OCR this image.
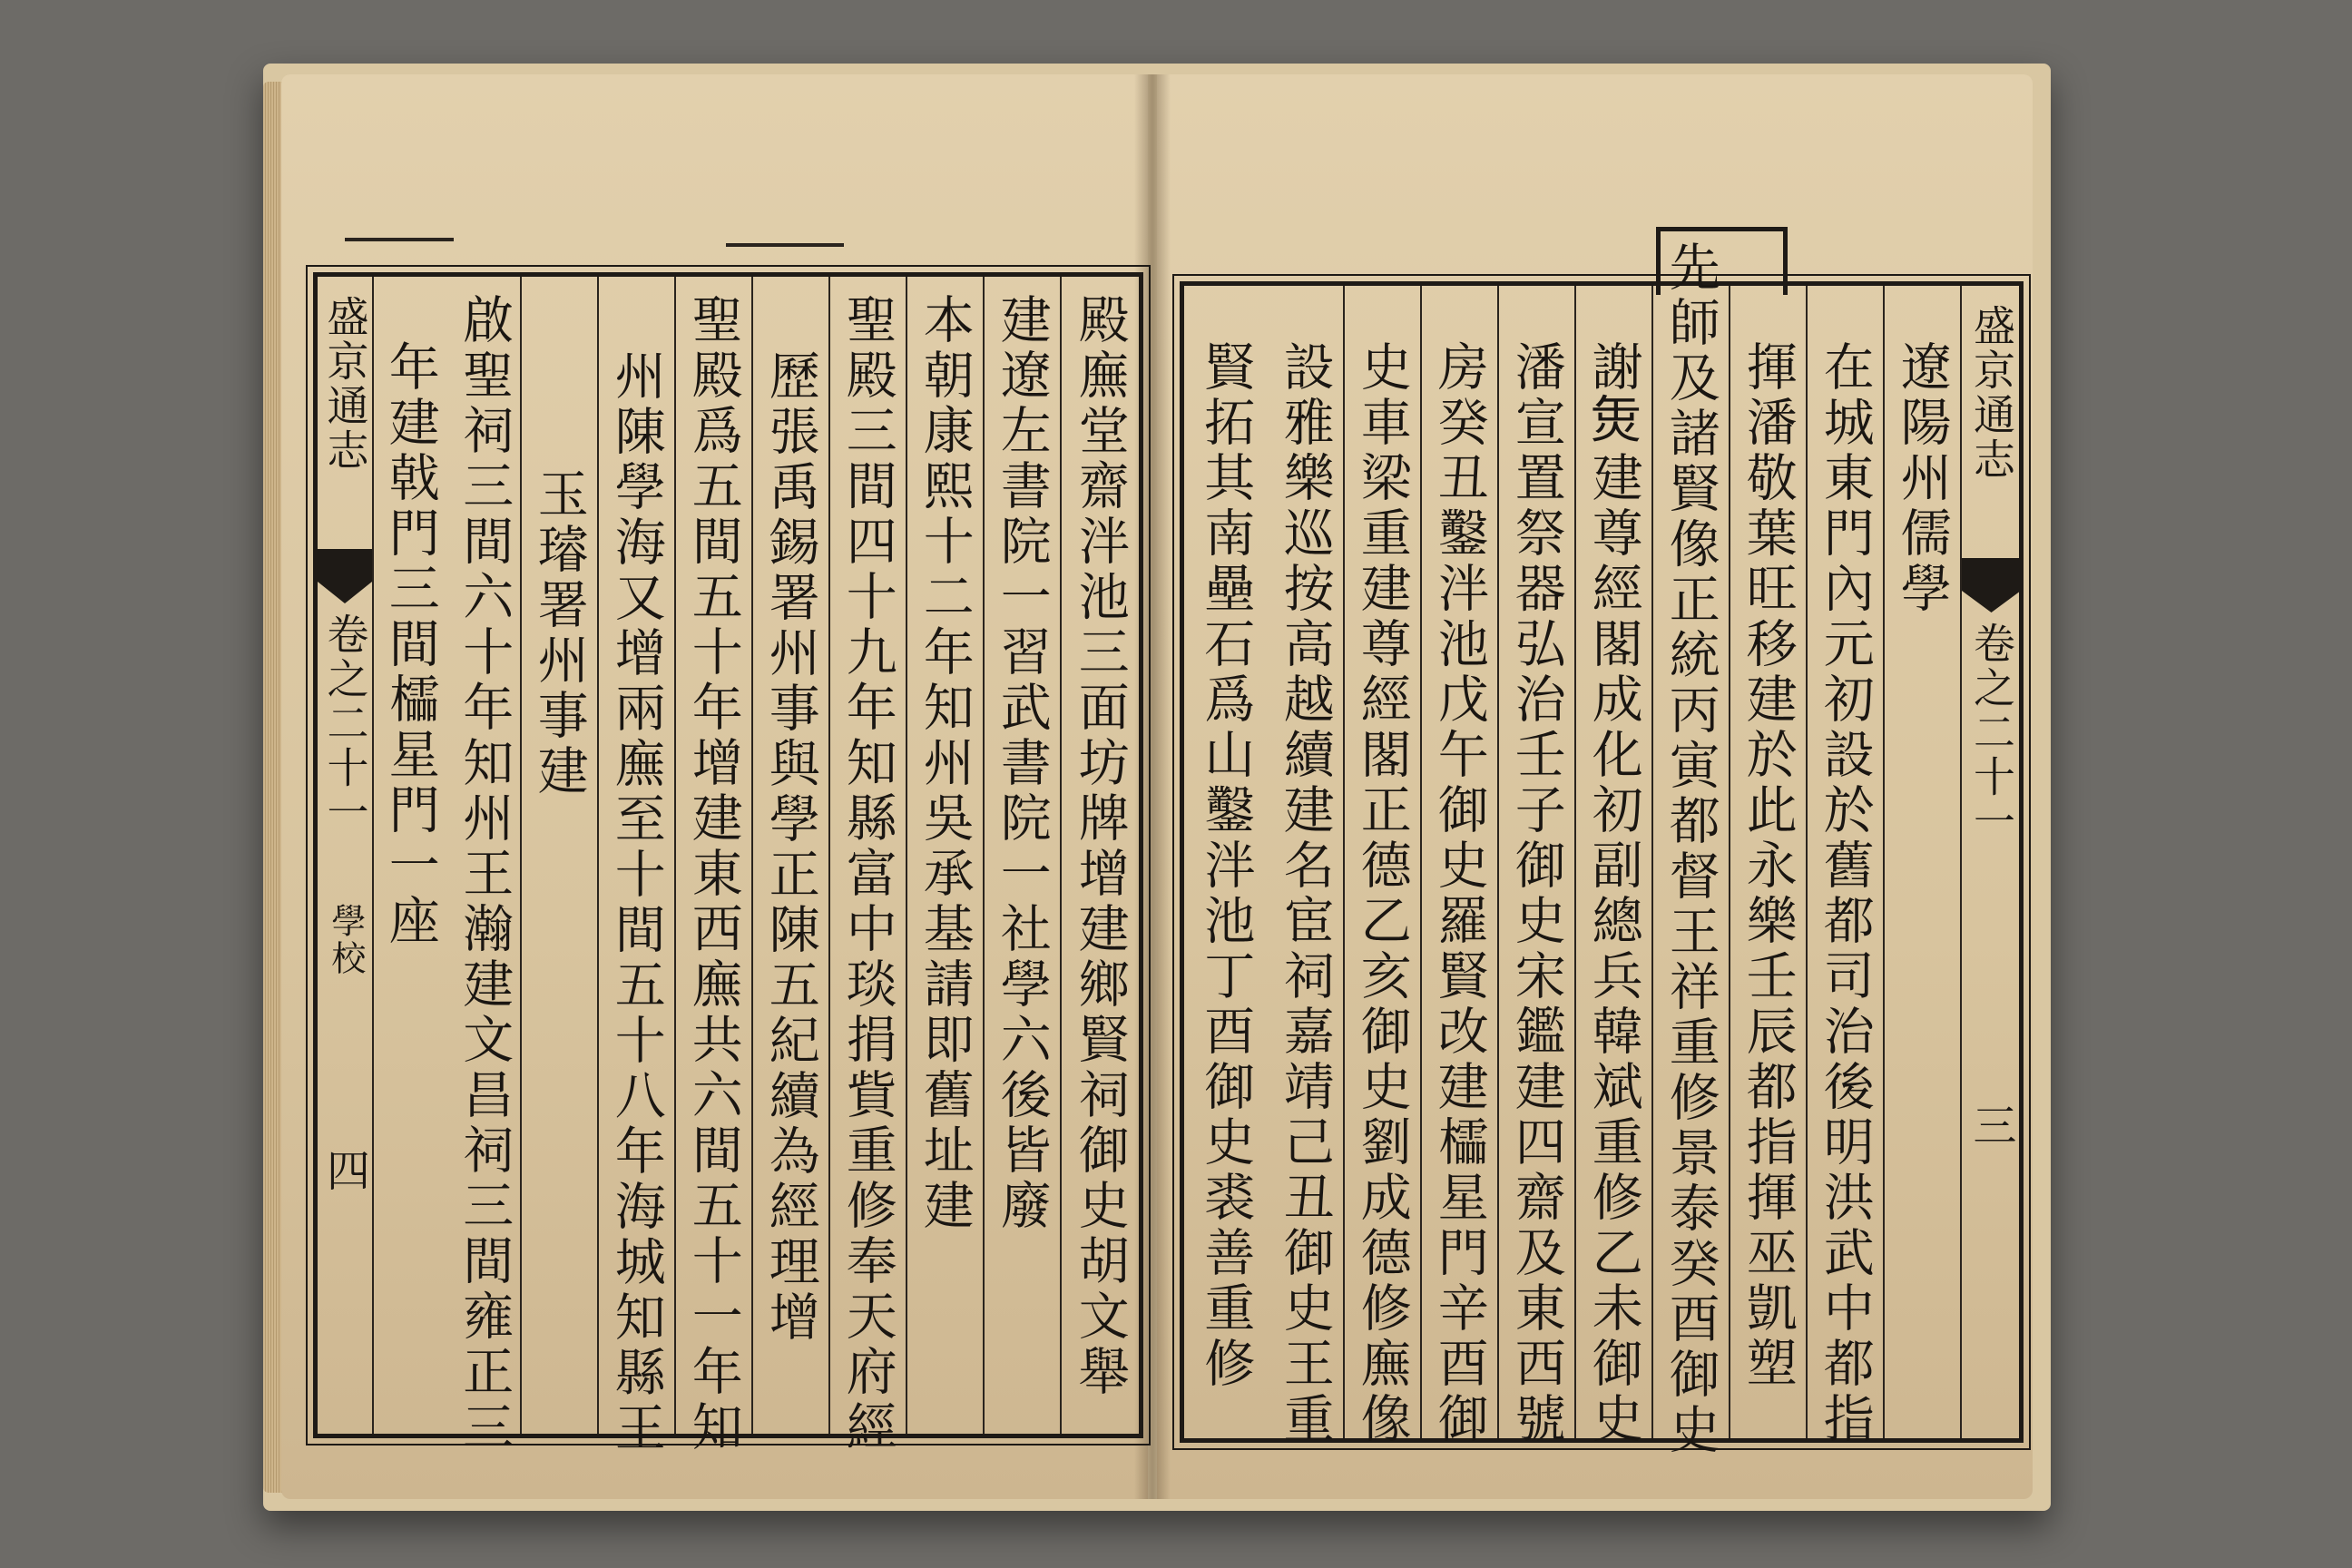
盛京通志
卷之二十一
學校
四	殿廡堂齋泮池三面坊牌增建鄉賢祠御史胡文舉
建遼左書院一習武書院一社學六後皆廢
本朝康熙十二年知州吳承基請即舊址建
聖殿三間四十九年知縣富中琰捐貲重修奉天府經
歷張禹錫署州事與學正陳五紀續為經理增
聖殿爲五間五十年增建東西廡共六間五十一年知
州陳學海又增兩廡至十間五十八年海城知縣王
玉璿署州事建
啟聖祠三間六十年知州王瀚建文昌祠三間雍正三
年建戟門三間櫺星門一座	盛京通志
卷之二十一
三
遼陽州儒學
在城東門內元初設於舊都司治後明洪武中都指
揮潘敬葉旺移建於此永樂壬辰都指揮巫凱塑
先師及諸賢像正統丙寅都督王祥重修景泰癸酉御史
謝𤈣建尊經閣成化初副總兵韓斌重修乙未御史
潘宣置祭器弘治壬子御史宋鑑建四齋及東西號
房癸丑鑿泮池戊午御史羅賢改建櫺星門辛酉御
史車梁重建尊經閣正德乙亥御史劉成德修廡像
設雅樂巡按高越續建名宦祠嘉靖己丑御史王重
賢拓其南壘石爲山鑿泮池丁酉御史裘善重修
